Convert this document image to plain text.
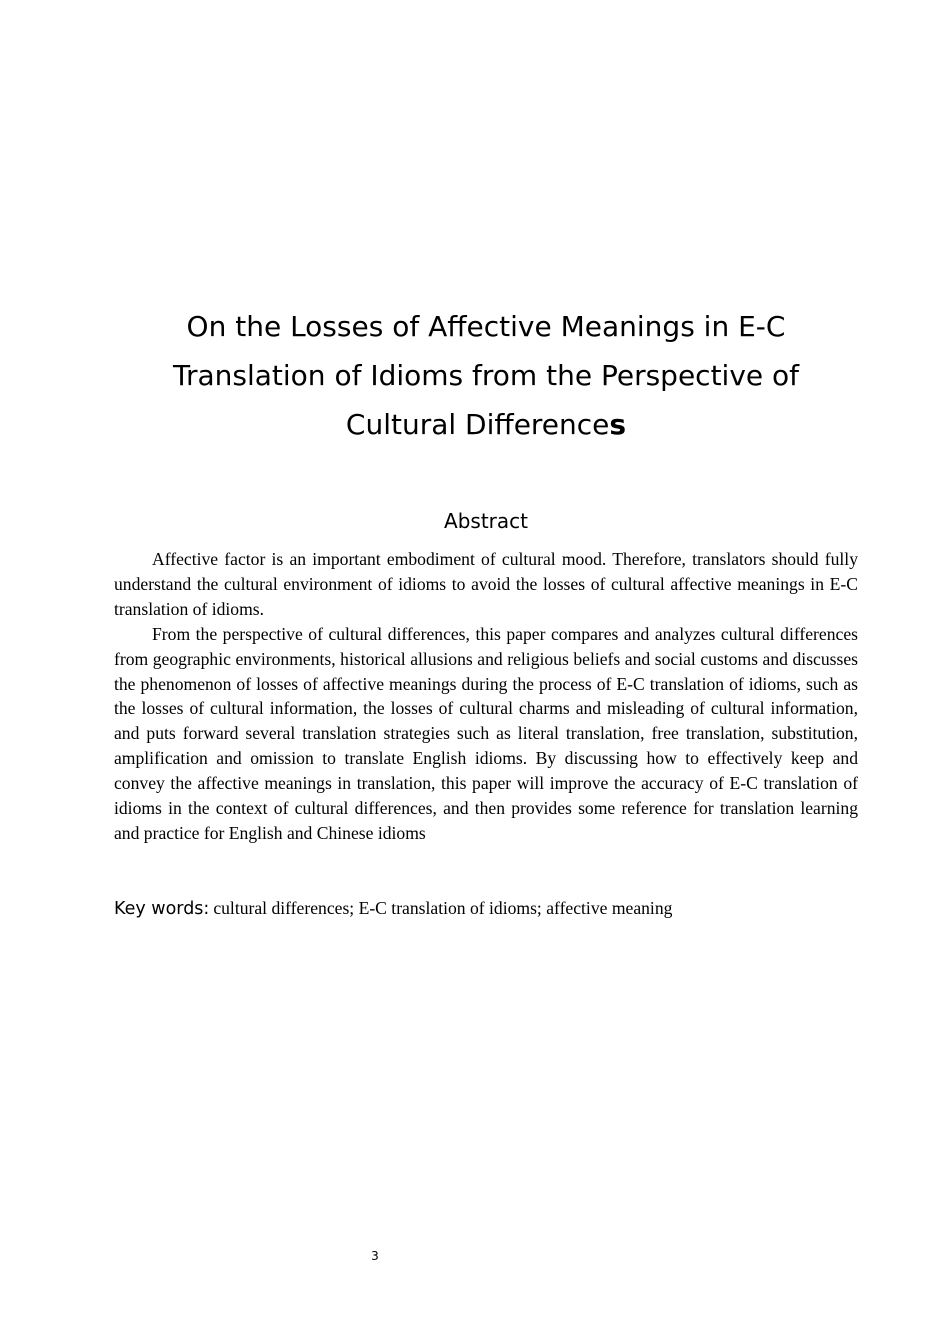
On the Losses of Affective Meanings in E-C
Translation of Idioms from the Perspective of
Cultural Differences
Abstract

Affective factor is an important embodiment of cultural mood. Therefore, translators should fully understand the cultural environment of idioms to avoid the losses of cultural affective meanings in E-C translation of idioms.

From the perspective of cultural differences, this paper compares and analyzes cultural differences from geographic environments, historical allusions and religious beliefs and social customs and discusses the phenomenon of losses of affective meanings during the process of E-C translation of idioms, such as the losses of cultural information, the losses of cultural charms and misleading of cultural information, and puts forward several translation strategies such as literal translation, free translation, substitution, amplification and omission to translate English idioms. By discussing how to effectively keep and convey the affective meanings in translation, this paper will improve the accuracy of E-C translation of idioms in the context of cultural differences, and then provides some reference for translation learning and practice for English and Chinese idioms

Key words: cultural differences; E-C translation of idioms; affective meaning
3
